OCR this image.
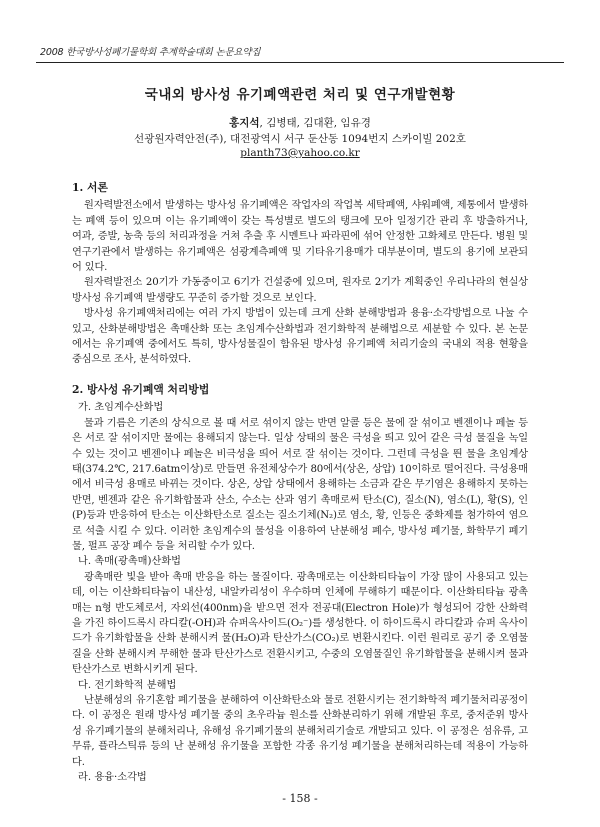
2008 한국방사성폐기물학회 추계학술대회 논문요약집
국내외 방사성 유기폐액관련 처리 및 연구개발현황
홍지석, 김병태, 김대환, 임유경
선광원자력안전(주), 대전광역시 서구 둔산동 1094번지 스카이빌 202호
planth73@yahoo.co.kr
1. 서론

원자력발전소에서 발생하는 방사성 유기폐액은 작업자의 작업복 세탁폐액, 샤워폐액, 제통에서 발생하는 폐액 등이 있으며 이는 유기폐액이 갖는 특성별로 별도의 탱크에 모아 일정기간 관리 후 방출하거나, 여과, 증발, 농축 등의 처리과정을 거쳐 추출 후 시멘트나 파라핀에 섞어 안정한 고화체로 만든다. 병원 및 연구기관에서 발생하는 유기폐액은 섬광계측폐액 및 기타유기용매가 대부분이며, 별도의 용기에 보관되어 있다.

원자력발전소 20기가 가동중이고 6기가 건설중에 있으며, 원자로 2기가 계획중인 우리나라의 현실상 방사성 유기폐액 발생량도 꾸준히 증가할 것으로 보인다.

방사성 유기폐액처리에는 여러 가지 방법이 있는데 크게 산화 분해방법과 용융·소각방법으로 나눌 수있고, 산화분해방법은 촉매산화 또는 초임계수산화법과 전기화학적 분해법으로 세분할 수 있다. 본 논문에서는 유기폐액 중에서도 특히, 방사성물질이 함유된 방사성 유기폐액 처리기술의 국내외 적용 현황을 중심으로 조사, 분석하였다.

2. 방사성 유기폐액 처리방법
가. 초임계수산화법

물과 기름은 기존의 상식으로 볼 때 서로 섞이지 않는 반면 알콜 등은 물에 잘 섞이고 벤젠이나 페놀 등은 서로 잘 섞이지만 물에는 용해되지 않는다. 일상 상태의 물은 극성을 띄고 있어 같은 극성 물질을 녹일 수 있는 것이고 벤젠이나 페놀은 비극성을 띄어 서로 잘 섞이는 것이다. 그런데 극성을 띈 물을 초임계상태(374.2℃, 217.6atm이상)로 만들면 유전체상수가 80에서(상온, 상압) 10이하로 떨어진다. 극성용매에서 비극성 용매로 바뀌는 것이다. 상온, 상압 상태에서 용해하는 소금과 같은 무기염은 용해하지 못하는 반면, 벤젠과 같은 유기화합물과 산소, 수소는 산과 염기 촉매로써 탄소(C), 질소(N), 염소(L), 황(S), 인(P)등과 반응하여 탄소는 이산화탄소로 질소는 질소기체(N₂)로 염소, 황, 인등은 중화제를 첨가하여 염으로 석출 시킬 수 있다. 이러한 초임계수의 물성을 이용하여 난분해성 폐수, 방사성 폐기물, 화학무기 폐기물, 펄프 공장 폐수 등을 처리할 수가 있다.

나. 촉매(광촉매)산화법

광촉매란 빛을 받아 촉매 반응을 하는 물질이다. 광촉매로는 이산화티타늄이 가장 많이 사용되고 있는데, 이는 이산화티타늄이 내산성, 내알카리성이 우수하며 인체에 무해하기 때문이다. 이산화티타늄 광촉매는 n형 반도체로서, 자외선(400nm)을 받으면 전자 전공대(Electron Hole)가 형성되어 강한 산화력을 가진 하이드록시 라디칼(-OH)과 슈퍼옥사이드(O₂⁻)를 생성한다. 이 하이드록시 라디칼과 슈퍼 옥사이드가 유기화합물을 산화 분해시켜 물(H₂O)과 탄산가스(CO₂)로 변환시킨다. 이런 원리로 공기 중 오염물질을 산화 분해시켜 무해한 물과 탄산가스로 전환시키고, 수중의 오염물질인 유기화합물을 분해시켜 물과 탄산가스로 변화시키게 된다.

다. 전기화학적 분해법

난분해성의 유기혼합 폐기물을 분해하여 이산화탄소와 물로 전환시키는 전기화학적 폐기물처리공정이다. 이 공정은 원래 방사성 폐기물 중의 초우라늄 원소를 산화분리하기 위해 개발된 후로, 중저준위 방사성 유기폐기물의 분해처리나, 유해성 유기폐기물의 분해처리기술로 개발되고 있다. 이 공정은 섬유류, 고무류, 플라스틱류 등의 난 분해성 유기물을 포함한 각종 유기성 폐기물을 분해처리하는데 적용이 가능하다.

라. 용융·소각법
- 158 -
